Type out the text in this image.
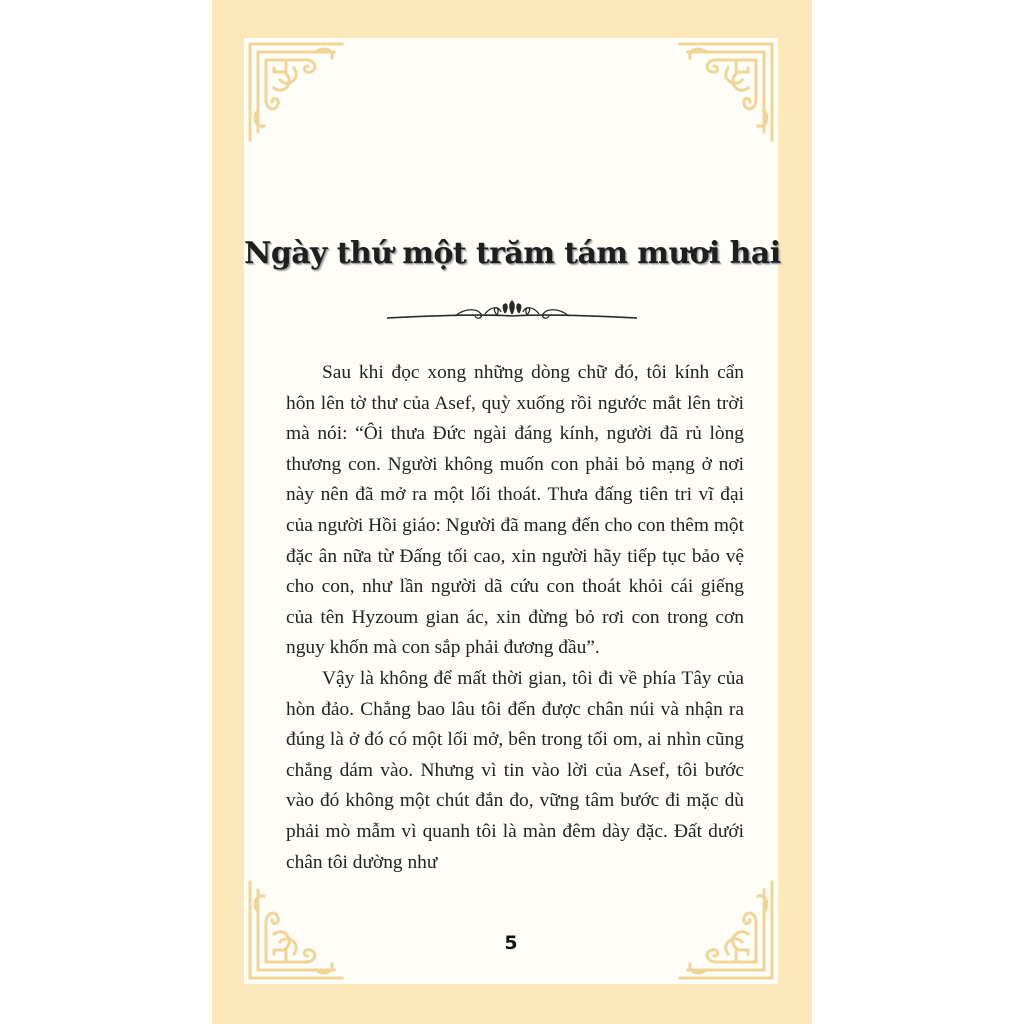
Ngày thứ một trăm tám mươi hai

Sau khi đọc xong những dòng chữ đó, tôi kính cẩn hôn lên tờ thư của Asef, quỳ xuống rồi ngước mắt lên trời mà nói: “Ôi thưa Đức ngài đáng kính, người đã rủ lòng thương con. Người không muốn con phải bỏ mạng ở nơi này nên đã mở ra một lối thoát. Thưa đấng tiên tri vĩ đại của người Hồi giáo: Người đã mang đến cho con thêm một đặc ân nữa từ Đấng tối cao, xin người hãy tiếp tục bảo vệ cho con, như lần người dã cứu con thoát khỏi cái giếng của tên Hyzoum gian ác, xin đừng bỏ rơi con trong cơn nguy khốn mà con sắp phải đương đầu”.

Vậy là không để mất thời gian, tôi đi về phía Tây của hòn đảo. Chẳng bao lâu tôi đến được chân núi và nhận ra đúng là ở đó có một lối mở, bên trong tối om, ai nhìn cũng chẳng dám vào. Nhưng vì tin vào lời của Asef, tôi bước vào đó không một chút đắn đo, vững tâm bước đi mặc dù phải mò mẫm vì quanh tôi là màn đêm dày đặc. Đất dưới chân tôi dường như

5
